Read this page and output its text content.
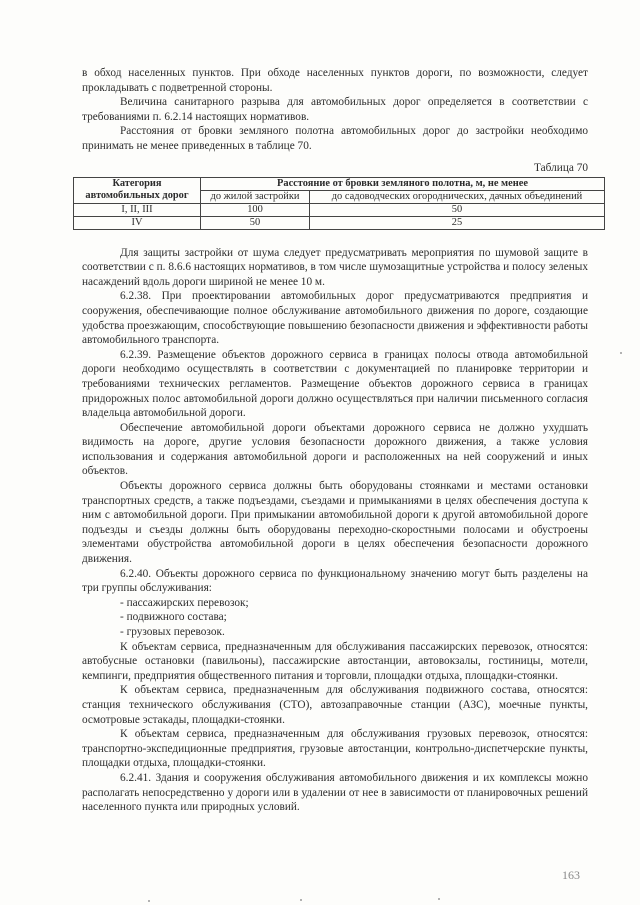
в обход населенных пунктов. При обходе населенных пунктов дороги, по возможности, следует прокладывать с подветренной стороны.

Величина санитарного разрыва для автомобильных дорог определяется в соответствии с требованиями п. 6.2.14 настоящих нормативов.

Расстояния от бровки земляного полотна автомобильных дорог до застройки необходимо принимать не менее приведенных в таблице 70.

Таблица 70
Категория автомобильных дорог	Расстояние от бровки земляного полотна, м, не менее	
	до жилой застройки	до садоводческих огороднических, дачных объединений
I, II, III	100	50
IV	50	25

Для защиты застройки от шума следует предусматривать мероприятия по шумовой защите в соответствии с п. 8.6.6 настоящих нормативов, в том числе шумозащитные устройства и полосу зеленых насаждений вдоль дороги шириной не менее 10 м.

6.2.38. При проектировании автомобильных дорог предусматриваются предприятия и сооружения, обеспечивающие полное обслуживание автомобильного движения по дороге, создающие удобства проезжающим, способствующие повышению безопасности движения и эффективности работы автомобильного транспорта.

6.2.39. Размещение объектов дорожного сервиса в границах полосы отвода автомобильной дороги необходимо осуществлять в соответствии с документацией по планировке территории и требованиями технических регламентов. Размещение объектов дорожного сервиса в границах придорожных полос автомобильной дороги должно осуществляться при наличии письменного согласия владельца автомобильной дороги.

Обеспечение автомобильной дороги объектами дорожного сервиса не должно ухудшать видимость на дороге, другие условия безопасности дорожного движения, а также условия использования и содержания автомобильной дороги и расположенных на ней сооружений и иных объектов.

Объекты дорожного сервиса должны быть оборудованы стоянками и местами остановки транспортных средств, а также подъездами, съездами и примыканиями в целях обеспечения доступа к ним с автомобильной дороги. При примыкании автомобильной дороги к другой автомобильной дороге подъезды и съезды должны быть оборудованы переходно-скоростными полосами и обустроены элементами обустройства автомобильной дороги в целях обеспечения безопасности дорожного движения.

6.2.40. Объекты дорожного сервиса по функциональному значению могут быть разделены на три группы обслуживания:

- пассажирских перевозок;

- подвижного состава;

- грузовых перевозок.

К объектам сервиса, предназначенным для обслуживания пассажирских перевозок, относятся: автобусные остановки (павильоны), пассажирские автостанции, автовокзалы, гостиницы, мотели, кемпинги, предприятия общественного питания и торговли, площадки отдыха, площадки-стоянки.

К объектам сервиса, предназначенным для обслуживания подвижного состава, относятся: станция технического обслуживания (СТО), автозаправочные станции (АЗС), моечные пункты, осмотровые эстакады, площадки-стоянки.

К объектам сервиса, предназначенным для обслуживания грузовых перевозок, относятся: транспортно-экспедиционные предприятия, грузовые автостанции, контрольно-диспетчерские пункты, площадки отдыха, площадки-стоянки.

6.2.41. Здания и сооружения обслуживания автомобильного движения и их комплексы можно располагать непосредственно у дороги или в удалении от нее в зависимости от планировочных решений населенного пункта или природных условий.

163
